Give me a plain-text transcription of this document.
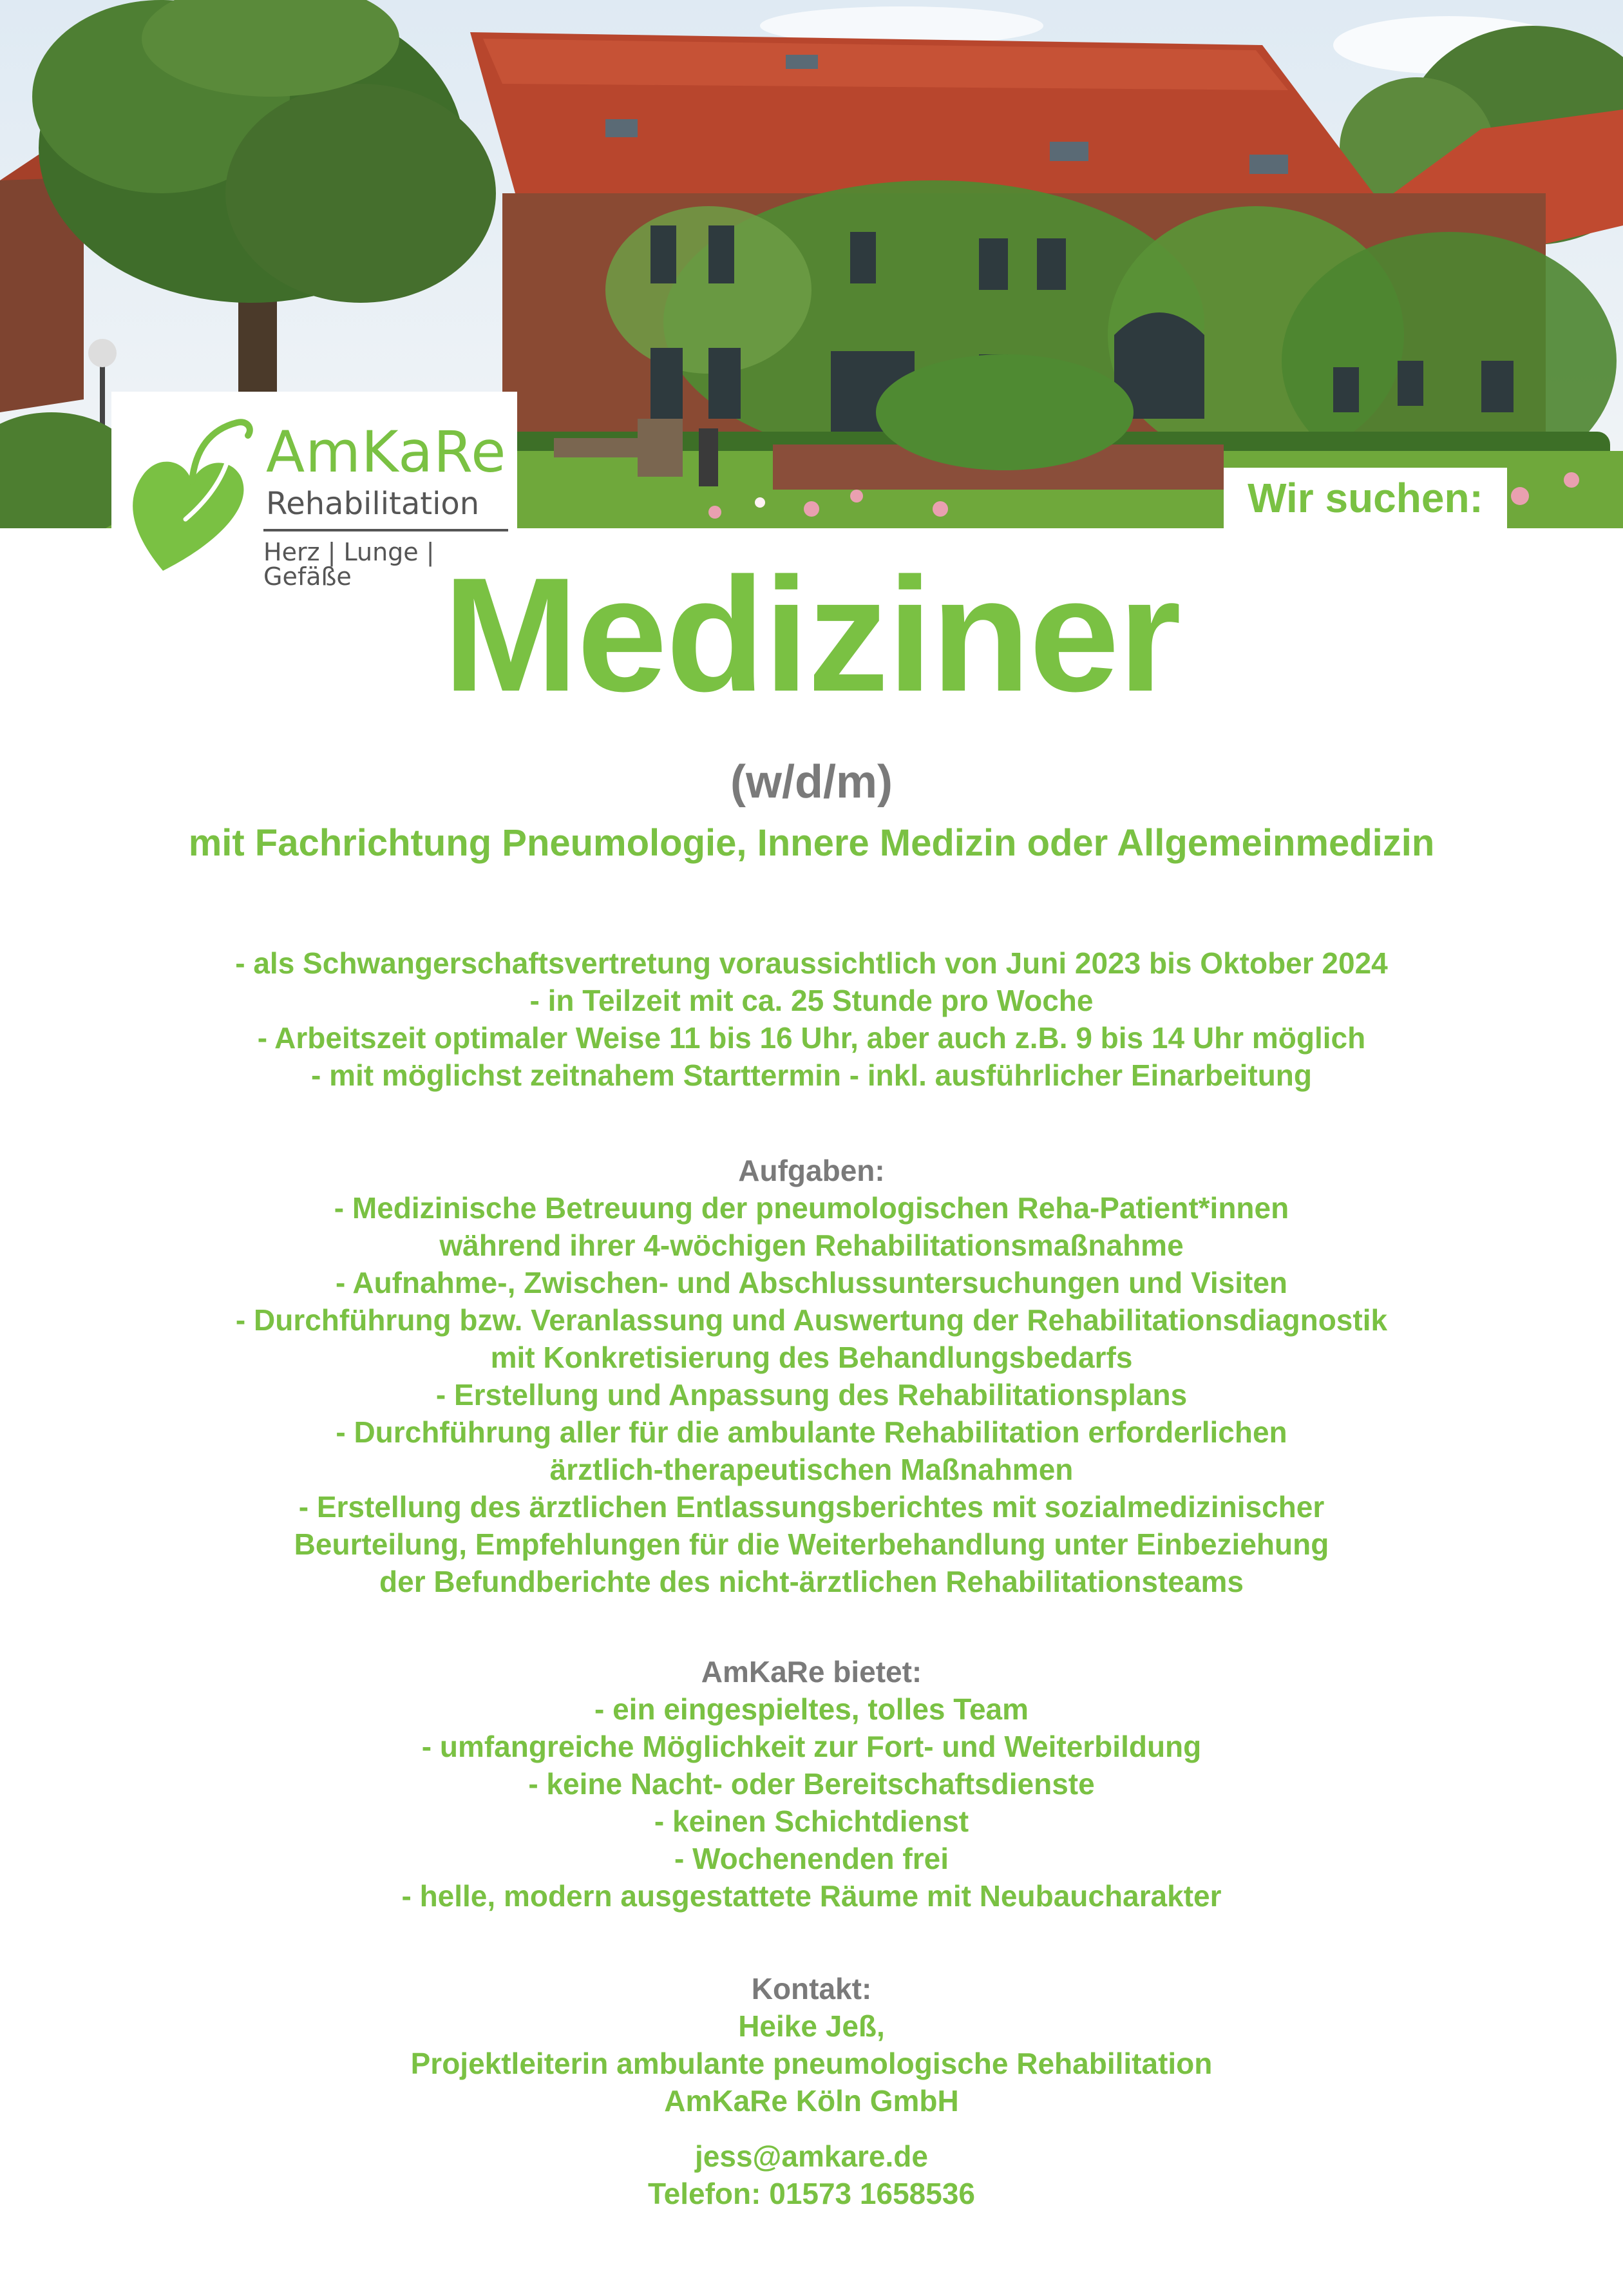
Wir suchen:
AmKaRe
Rehabilitation
Herz | Lunge | Gefäße Mediziner
(w/d/m)
mit Fachrichtung Pneumologie, Innere Medizin oder Allgemeinmedizin
- als Schwangerschaftsvertretung voraussichtlich von Juni 2023 bis Oktober 2024
- in Teilzeit mit ca. 25 Stunde pro Woche
- Arbeitszeit optimaler Weise 11 bis 16 Uhr, aber auch z.B. 9 bis 14 Uhr möglich
- mit möglichst zeitnahem Starttermin - inkl. ausführlicher Einarbeitung
Aufgaben:
- Medizinische Betreuung der pneumologischen Reha-Patient*innen
während ihrer 4-wöchigen Rehabilitationsmaßnahme
- Aufnahme-, Zwischen- und Abschlussuntersuchungen und Visiten
- Durchführung bzw. Veranlassung und Auswertung der Rehabilitationsdiagnostik
mit Konkretisierung des Behandlungsbedarfs
- Erstellung und Anpassung des Rehabilitationsplans
- Durchführung aller für die ambulante Rehabilitation erforderlichen
ärztlich-therapeutischen Maßnahmen
- Erstellung des ärztlichen Entlassungsberichtes mit sozialmedizinischer
Beurteilung, Empfehlungen für die Weiterbehandlung unter Einbeziehung
der Befundberichte des nicht-ärztlichen Rehabilitationsteams
AmKaRe bietet:
- ein eingespieltes, tolles Team
- umfangreiche Möglichkeit zur Fort- und Weiterbildung
- keine Nacht- oder Bereitschaftsdienste
- keinen Schichtdienst
- Wochenenden frei
- helle, modern ausgestattete Räume mit Neubaucharakter
Kontakt:
Heike Jeß,
Projektleiterin ambulante pneumologische Rehabilitation
AmKaRe Köln GmbH
jess@amkare.de
Telefon: 01573 1658536
